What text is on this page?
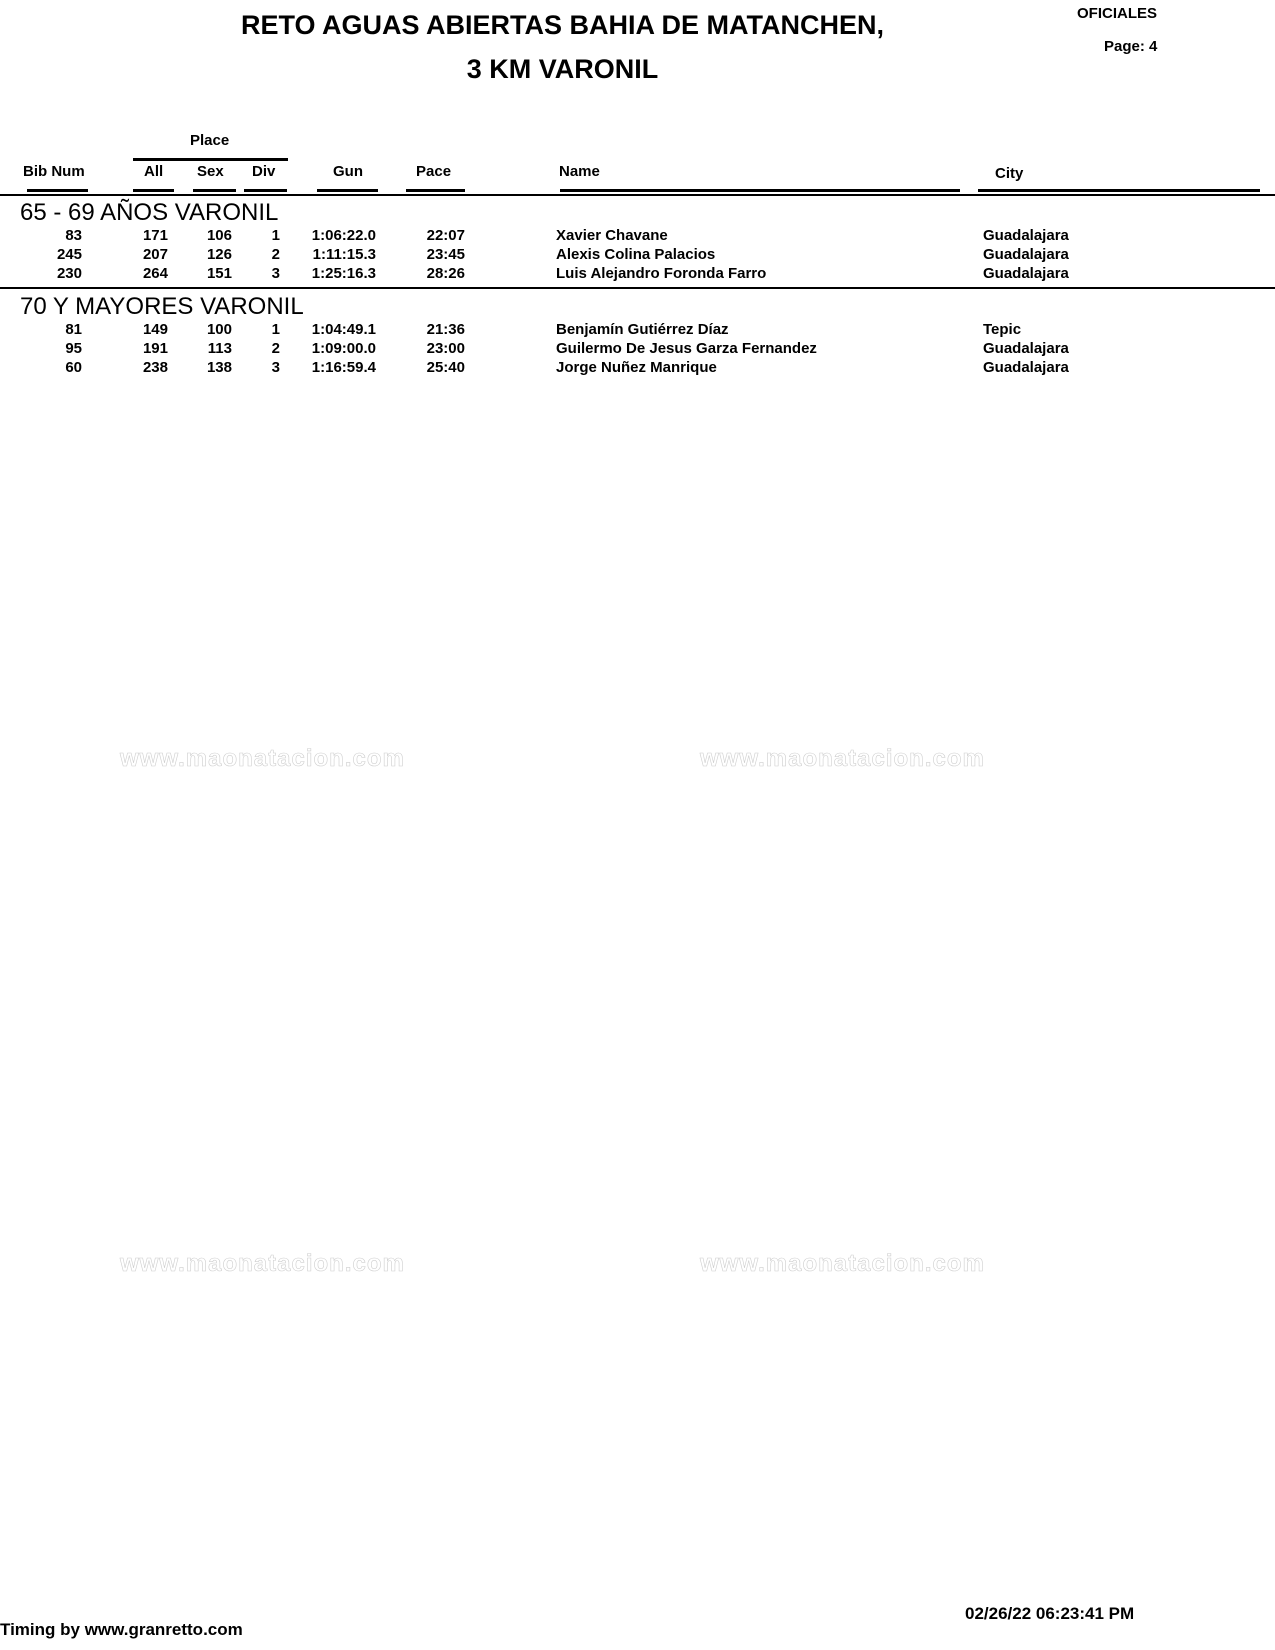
RETO AGUAS ABIERTAS BAHIA DE MATANCHEN,
3 KM VARONIL
OFICIALES
Page: 4
Place
Bib Num	All Sex Div	Gun	Pace	Name	City
65 - 69 AÑOS VARONIL
83	171	106	1	1:06:22.0	22:07	Xavier Chavane	Guadalajara
245	207	126	2	1:11:15.3	23:45	Alexis Colina Palacios	Guadalajara
230	264	151	3	1:25:16.3	28:26	Luis Alejandro Foronda Farro	Guadalajara
70 Y MAYORES VARONIL
81	149	100	1	1:04:49.1	21:36	Benjamín Gutiérrez Díaz	Tepic
95	191	113	2	1:09:00.0	23:00	Guilermo De Jesus Garza Fernandez	Guadalajara
60	238	138	3	1:16:59.4	25:40	Jorge Nuñez Manrique	Guadalajara
www.maonatacion.com	www.maonatacion.com
www.maonatacion.com	www.maonatacion.com
Timing by www.granretto.com
02/26/22 06:23:41 PM
